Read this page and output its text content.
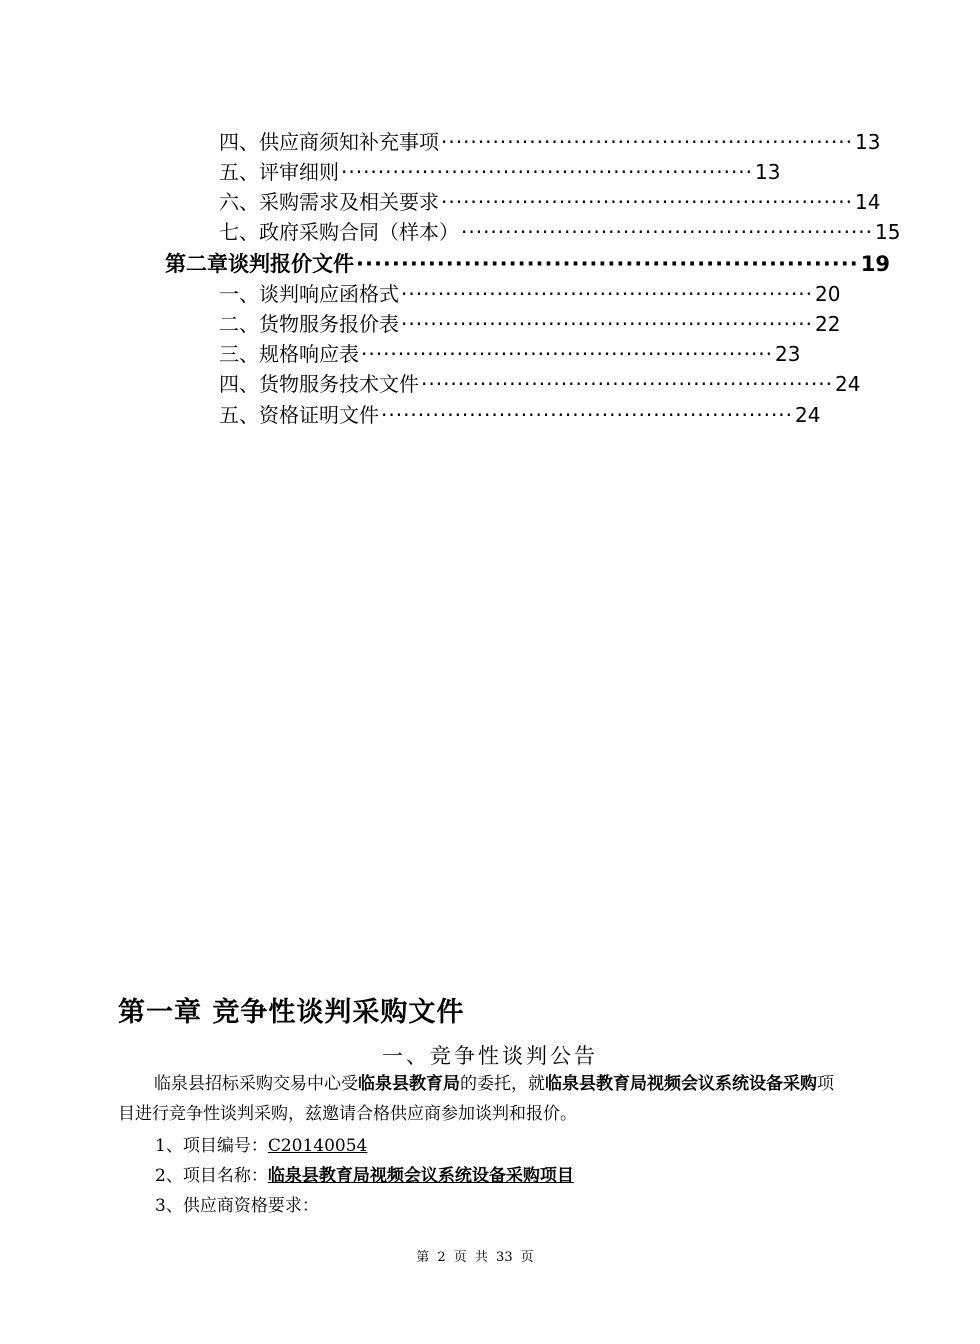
四、供应商须知补充事项 ························································ 13
五、评审细则 ························································ 13
六、采购需求及相关要求 ························································ 14
七、政府采购合同（样本） ························································ 15
第二章 谈判报价文件 ························································ 19
一、谈判响应函格式 ························································ 20
二、货物服务报价表 ························································ 22
三、规格响应表 ························································ 23
四、货物服务技术文件 ························································ 24
五、资格证明文件 ························································ 24
第一章 竞争性谈判采购文件
一、竞争性谈判公告
临泉县招标采购交易中心受临泉县教育局的委托，就临泉县教育局视频会议系统设备采购项目进行竞争性谈判采购，兹邀请合格供应商参加谈判和报价。
1、项目编号：C20140054
2、项目名称：临泉县教育局视频会议系统设备采购项目
3、供应商资格要求：
第 2 页 共 33 页
